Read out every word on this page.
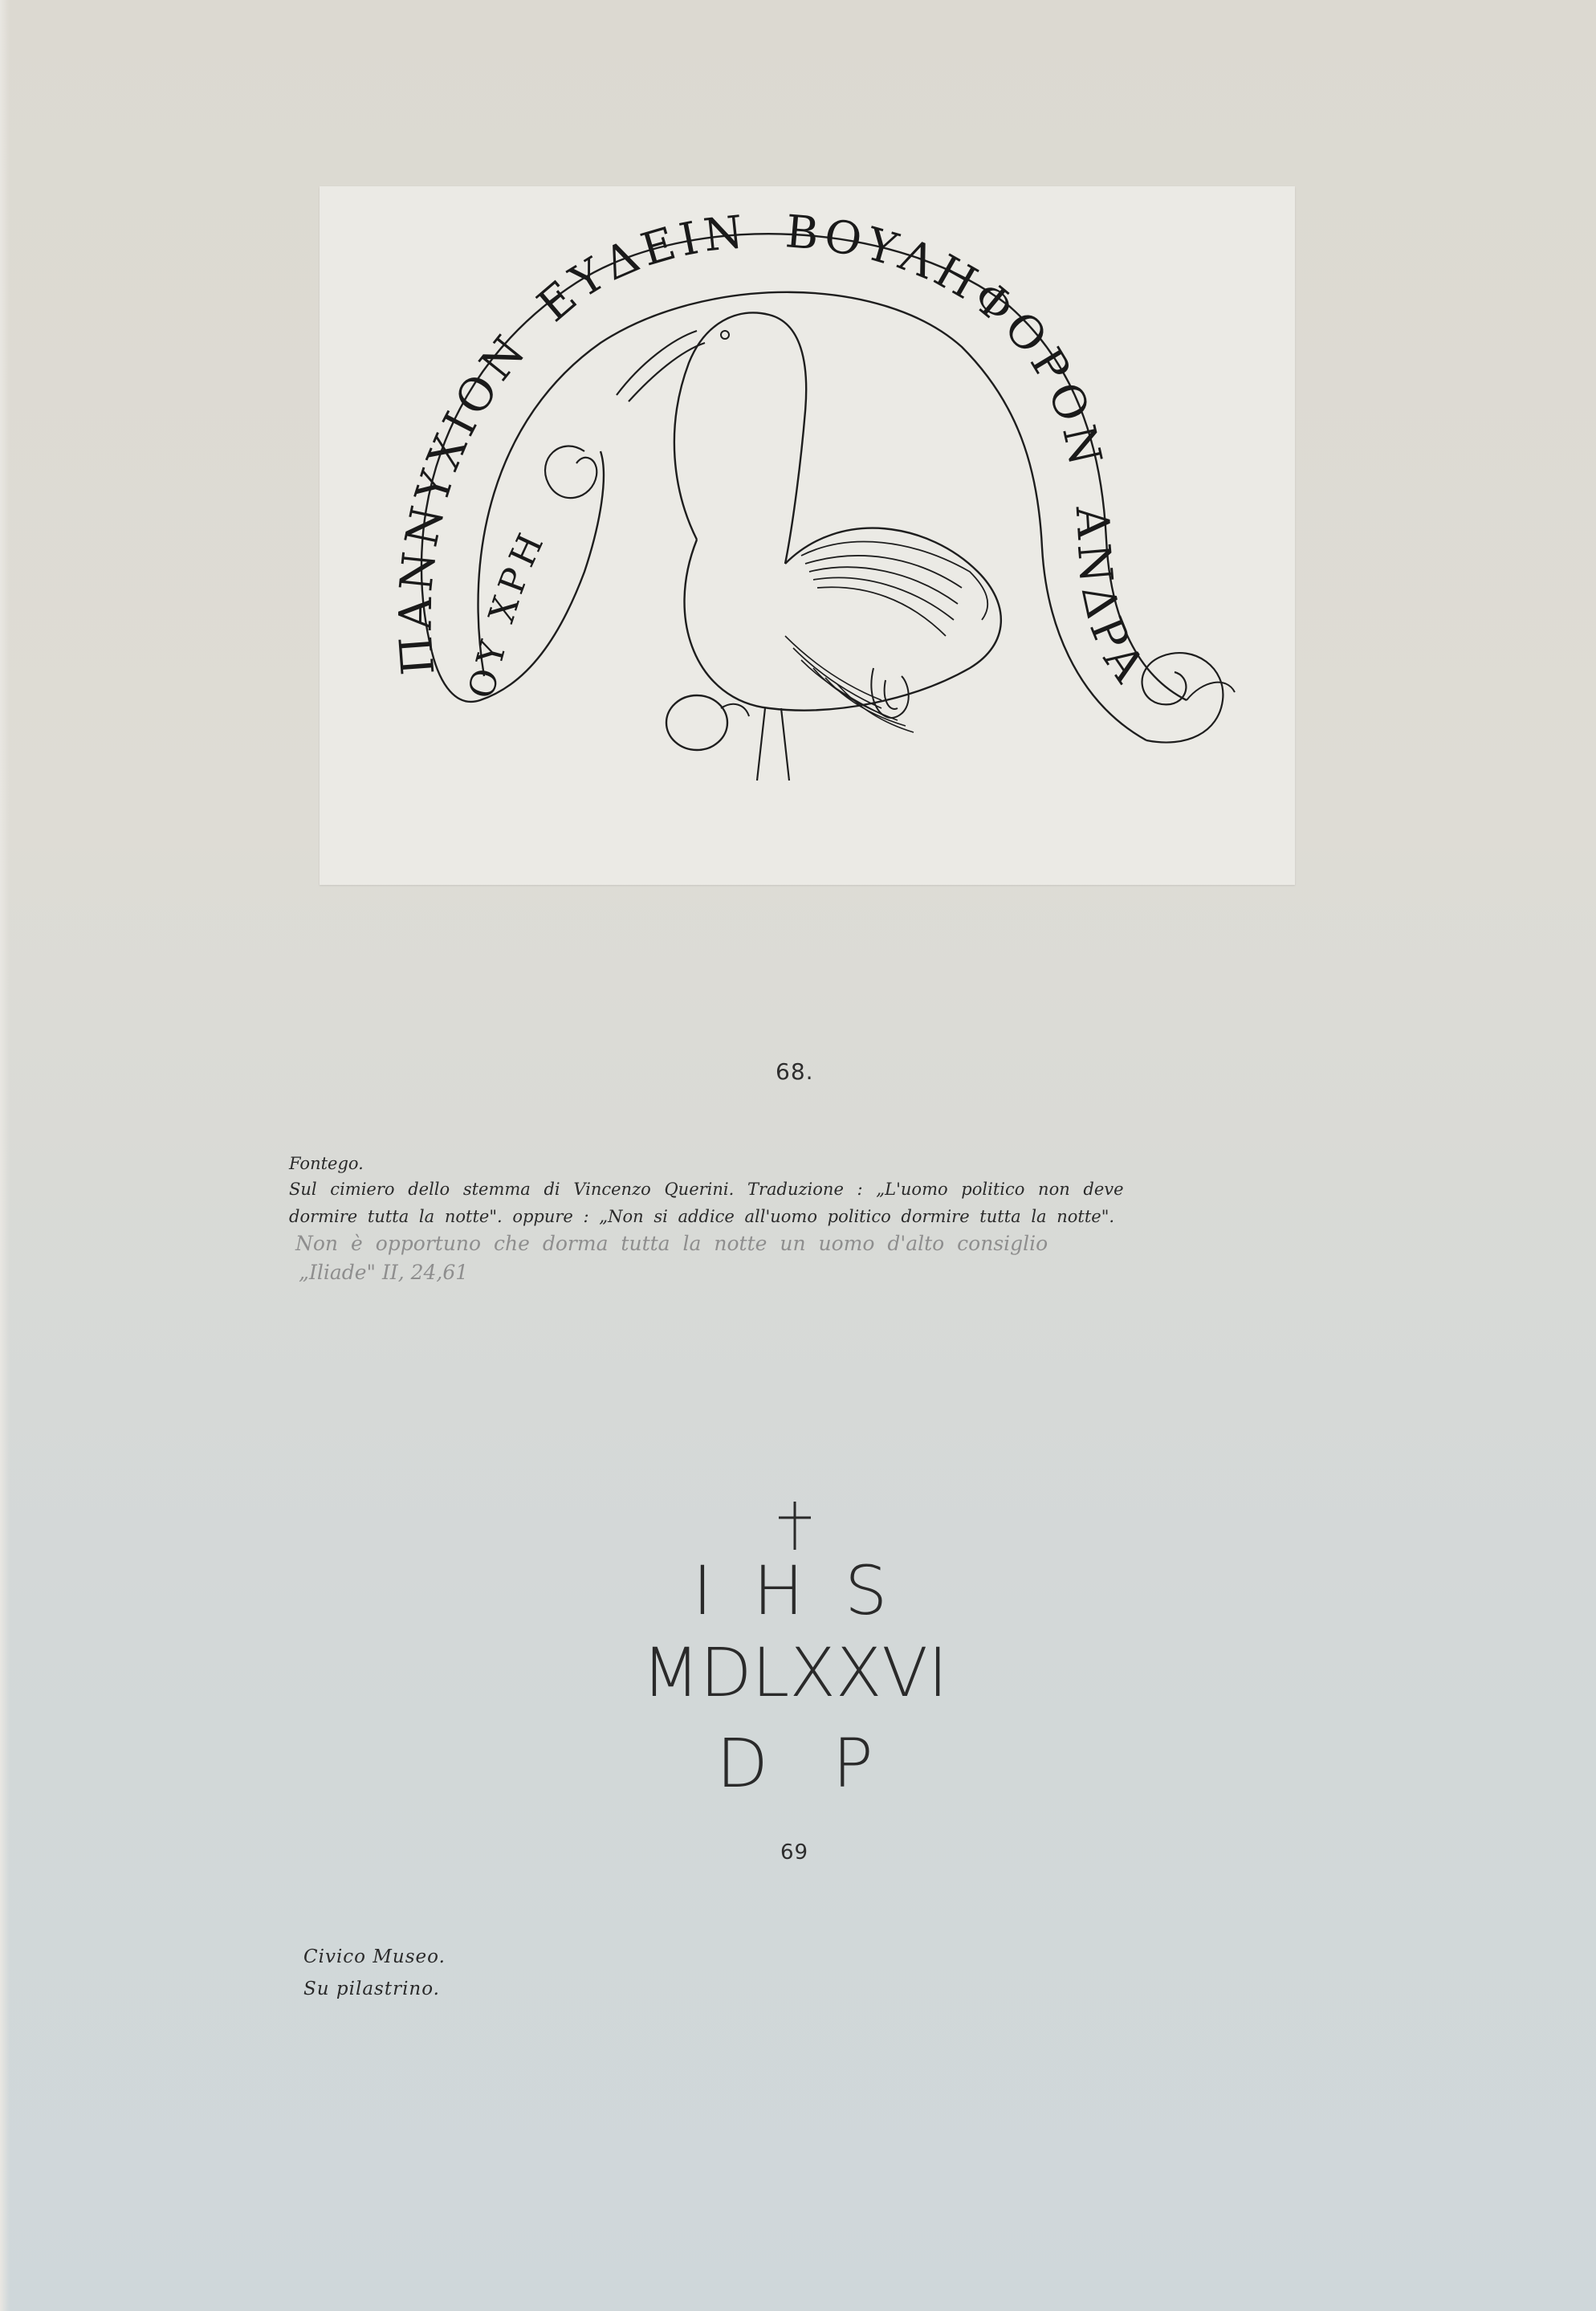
ΠΑΝΝΥΧΙΟΝ ΕΥΔΕΙΝ ΒΟΥΛΗΦΟΡΟΝ ΑΝΔΡΑ
ΟΥ ΧΡΗ
68.
Fontego.
Sul cimiero dello stemma di Vincenzo Querini. Traduzione : „L'uomo politico non deve
dormire tutta la notte". oppure : „Non si addice all'uomo politico dormire tutta la notte".
Non è opportuno che dorma tutta la notte un uomo d'alto consiglio
„Iliade" II, 24,61
I H S
MDLXXVI
D   P
69
Civico Museo.
Su pilastrino.
